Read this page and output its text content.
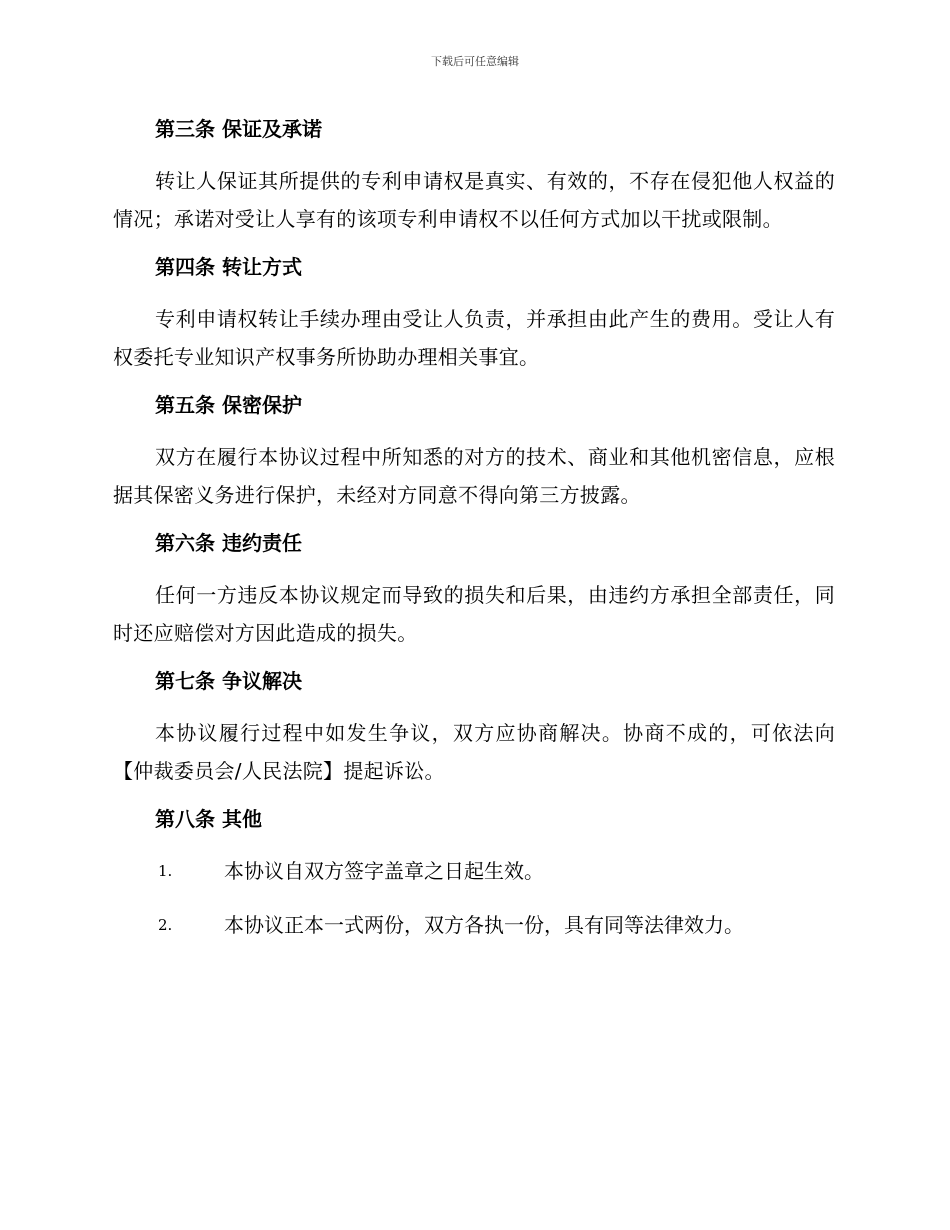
下载后可任意编辑
第三条 保证及承诺

转让人保证其所提供的专利申请权是真实、有效的，不存在侵犯他人权益的情况；承诺对受让人享有的该项专利申请权不以任何方式加以干扰或限制。

第四条 转让方式

专利申请权转让手续办理由受让人负责，并承担由此产生的费用。受让人有权委托专业知识产权事务所协助办理相关事宜。

第五条 保密保护

双方在履行本协议过程中所知悉的对方的技术、商业和其他机密信息，应根据其保密义务进行保护，未经对方同意不得向第三方披露。

第六条 违约责任

任何一方违反本协议规定而导致的损失和后果，由违约方承担全部责任，同时还应赔偿对方因此造成的损失。

第七条 争议解决

本协议履行过程中如发生争议，双方应协商解决。协商不成的，可依法向【仲裁委员会/人民法院】提起诉讼。

第八条 其他
1.	本协议自双方签字盖章之日起生效。
2.	本协议正本一式两份，双方各执一份，具有同等法律效力。
